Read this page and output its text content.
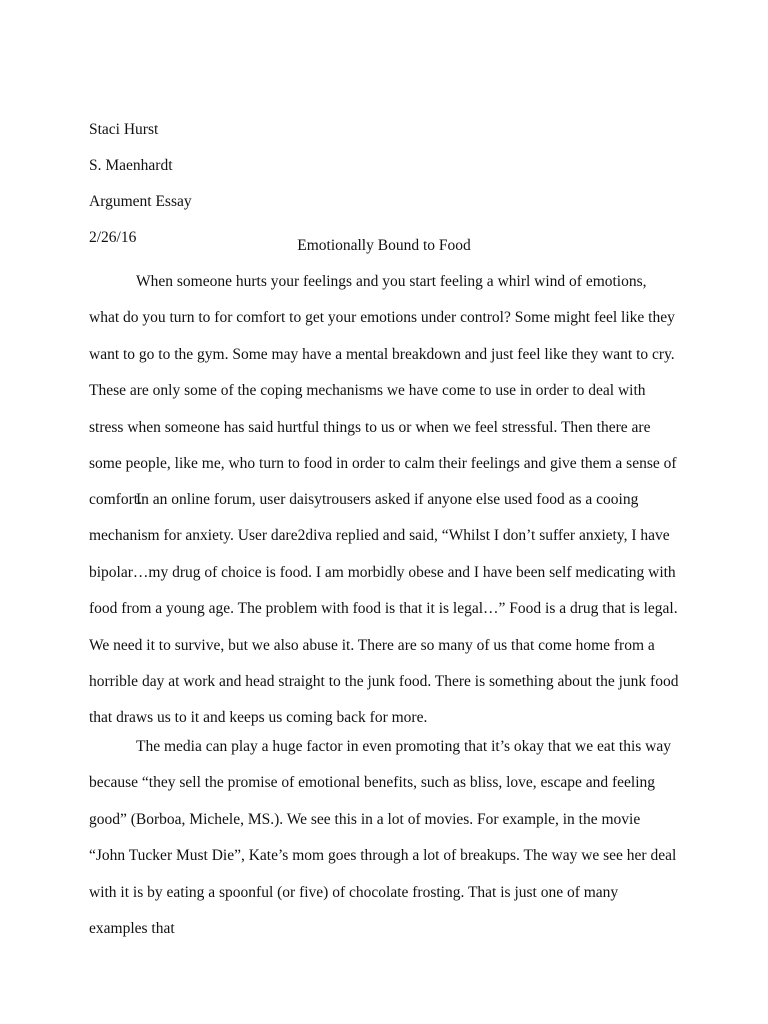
Staci Hurst
S. Maenhardt
Argument Essay
2/26/16	Emotionally Bound to Food

When someone hurts your feelings and you start feeling a whirl wind of emotions, what do you turn to for comfort to get your emotions under control? Some might feel like they want to go to the gym. Some may have a mental breakdown and just feel like they want to cry. These are only some of the coping mechanisms we have come to use in order to deal with stress when someone has said hurtful things to us or when we feel stressful. Then there are some people, like me, who turn to food in order to calm their feelings and give them a sense of comfort.

In an online forum, user daisytrousers asked if anyone else used food as a cooing mechanism for anxiety. User dare2diva replied and said, “Whilst I don’t suffer anxiety, I have bipolar…my drug of choice is food. I am morbidly obese and I have been self medicating with food from a young age. The problem with food is that it is legal…” Food is a drug that is legal. We need it to survive, but we also abuse it. There are so many of us that come home from a horrible day at work and head straight to the junk food. There is something about the junk food that draws us to it and keeps us coming back for more.

The media can play a huge factor in even promoting that it’s okay that we eat this way because “they sell the promise of emotional benefits, such as bliss, love, escape and feeling good” (Borboa, Michele, MS.). We see this in a lot of movies. For example, in the movie “John Tucker Must Die”, Kate’s mom goes through a lot of breakups. The way we see her deal with it is by eating a spoonful (or five) of chocolate frosting. That is just one of many examples that
